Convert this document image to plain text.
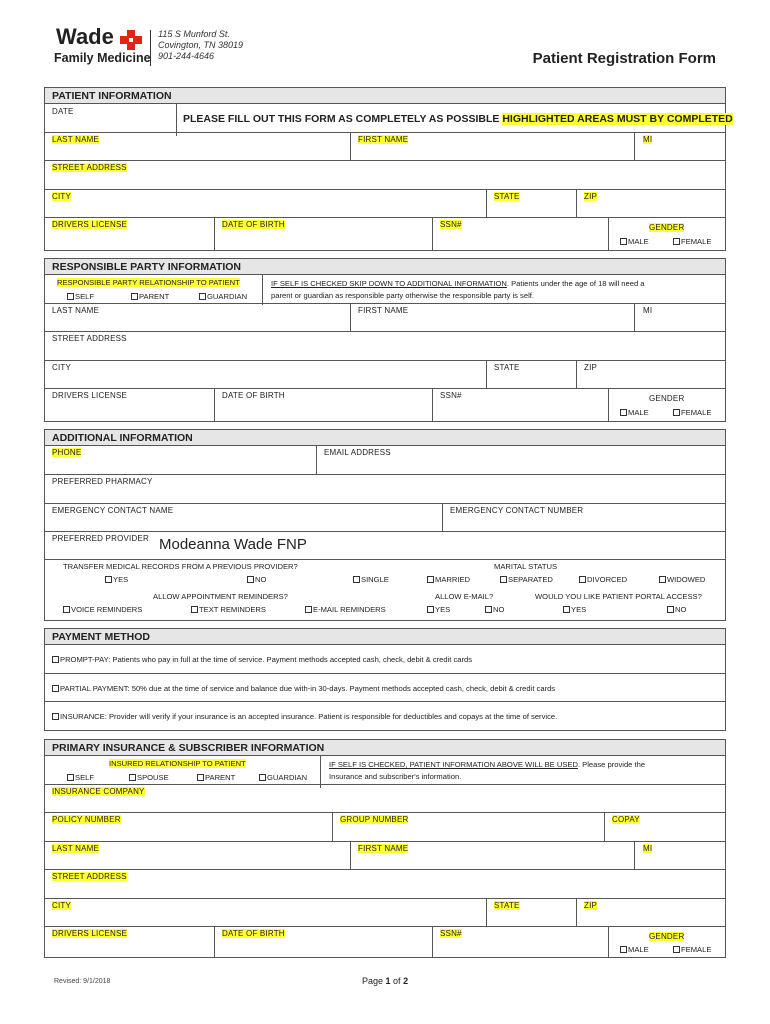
Wade
Family Medicine
115 S Munford St.
Covington, TN 38019
901-244-4646	Patient Registration Form
PATIENT INFORMATION
DATE
PLEASE FILL OUT THIS FORM AS COMPLETELY AS POSSIBLE HIGHLIGHTED AREAS MUST BY COMPLETED
LAST NAME	FIRST NAME	MI
STREET ADDRESS
CITY	STATE	ZIP
DRIVERS LICENSE	DATE OF BIRTH	SSN#	GENDER
MALE	FEMALE
RESPONSIBLE PARTY INFORMATION
RESPONSIBLE PARTY RELATIONSHIP TO PATIENT
SELF	PARENT	GUARDIAN
IF SELF IS CHECKED SKIP DOWN TO ADDITIONAL INFORMATION. Patients under the age of 18 will need a
parent or guardian as responsible party otherwise the responsible party is self.
LAST NAME	FIRST NAME	MI
STREET ADDRESS
CITY	STATE	ZIP
DRIVERS LICENSE	DATE OF BIRTH	SSN#	GENDER
MALE	FEMALE
ADDITIONAL INFORMATION
PHONE	EMAIL ADDRESS
PREFERRED PHARMACY
EMERGENCY CONTACT NAME	EMERGENCY CONTACT NUMBER
PREFERRED PROVIDER Modeanna Wade FNP
TRANSFER MEDICAL RECORDS FROM A PREVIOUS PROVIDER?
YES	NO
MARITAL STATUS
SINGLE	MARRIED	SEPARATED	DIVORCED	WIDOWED
ALLOW APPOINTMENT REMINDERS?
VOICE REMINDERS	TEXT REMINDERS	E-MAIL REMINDERS
ALLOW E-MAIL?
YES	NO
WOULD YOU LIKE PATIENT PORTAL ACCESS?
YES	NO
PAYMENT METHOD
PROMPT-PAY: Patients who pay in full at the time of service. Payment methods accepted cash, check, debit & credit cards
PARTIAL PAYMENT: 50% due at the time of service and balance due with-in 30-days. Payment methods accepted cash, check, debit & credit cards
INSURANCE: Provider will verify if your insurance is an accepted insurance. Patient is responsible for deductibles and copays at the time of service.
PRIMARY INSURANCE & SUBSCRIBER INFORMATION
INSURED RELATIONSHIP TO PATIENT
SELF	SPOUSE	PARENT	GUARDIAN
IF SELF IS CHECKED, PATIENT INFORMATION ABOVE WILL BE USED. Please provide the
Insurance and subscriber's information.
INSURANCE COMPANY
POLICY NUMBER	GROUP NUMBER	COPAY
LAST NAME	FIRST NAME	MI
STREET ADDRESS
CITY	STATE	ZIP
DRIVERS LICENSE	DATE OF BIRTH	SSN#	GENDER
MALE	FEMALE
Revised: 9/1/2018	Page 1 of 2
